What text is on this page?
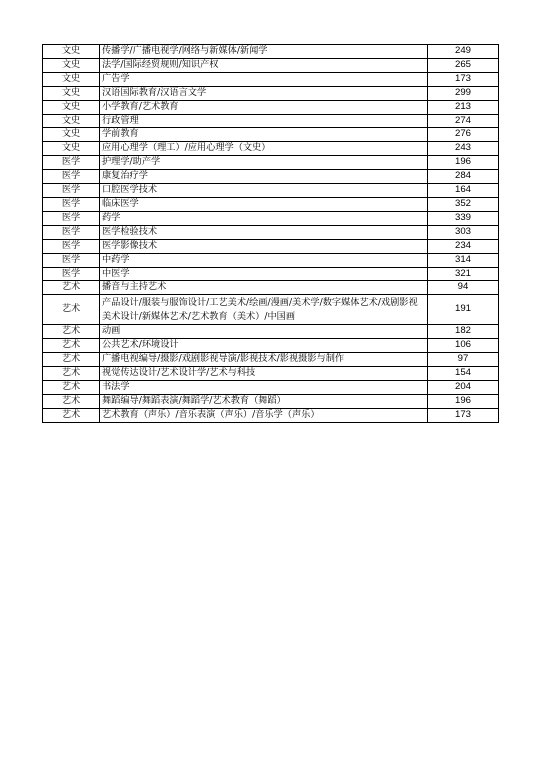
文史	传播学/广播电视学/网络与新媒体/新闻学	249
文史	法学/国际经贸规则/知识产权	265
文史	广告学	173
文史	汉语国际教育/汉语言文学	299
文史	小学教育/艺术教育	213
文史	行政管理	274
文史	学前教育	276
文史	应用心理学（理工）/应用心理学（文史）	243
医学	护理学/助产学	196
医学	康复治疗学	284
医学	口腔医学技术	164
医学	临床医学	352
医学	药学	339
医学	医学检验技术	303
医学	医学影像技术	234
医学	中药学	314
医学	中医学	321
艺术	播音与主持艺术	94
艺术	产品设计/服装与服饰设计/工艺美术/绘画/漫画/美术学/数字媒体艺术/戏剧影视美术设计/新媒体艺术/艺术教育（美术）/中国画	191
艺术	动画	182
艺术	公共艺术/环境设计	106
艺术	广播电视编导/摄影/戏剧影视导演/影视技术/影视摄影与制作	97
艺术	视觉传达设计/艺术设计学/艺术与科技	154
艺术	书法学	204
艺术	舞蹈编导/舞蹈表演/舞蹈学/艺术教育（舞蹈）	196
艺术	艺术教育（声乐）/音乐表演（声乐）/音乐学（声乐）	173
